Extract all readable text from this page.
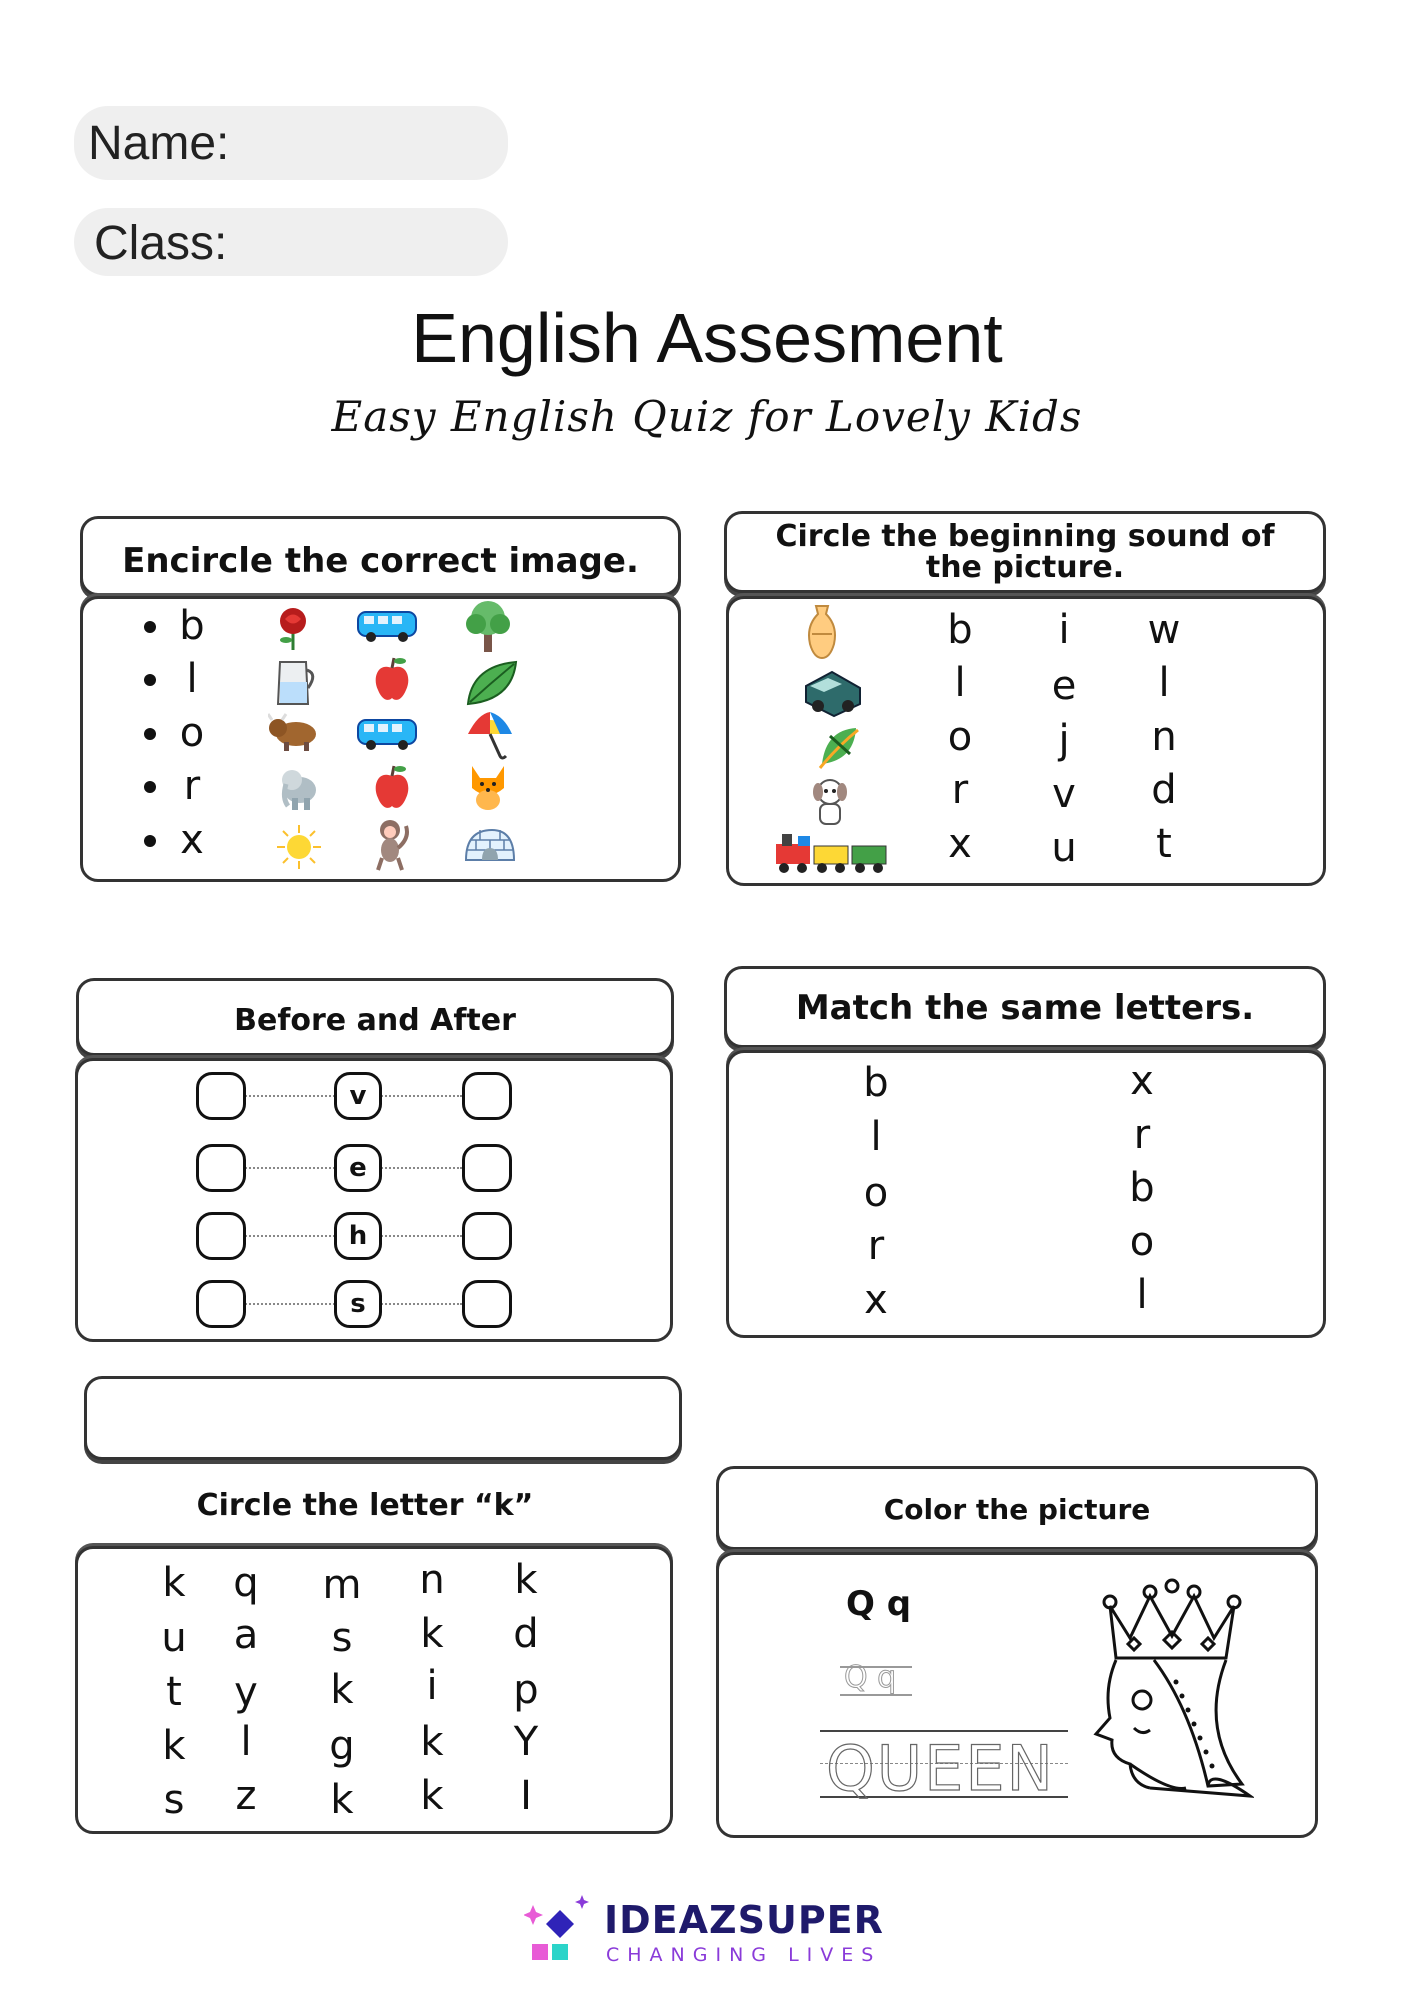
Name:
Class:
English Assesment
Easy English Quiz for Lovely Kids
Encircle the correct image.
b
l
o
r
x
Circle the beginning sound of the picture.
b
l
o
r
x
i
e
j
v
u
w
l
n
d
t
Before and After
v
e
h
s
Match the same letters.
b
l
o
r
x
x
r
b
o
l
Circle the letter “k”
k
u
t
k
s
q
a
y
l
z
m
s
k
g
k
n
k
i
k
k
k
d
p
Y
I
Color the picture
Q q
Q q
QUEEN
IDEAZSUPER
CHANGING LIVES
